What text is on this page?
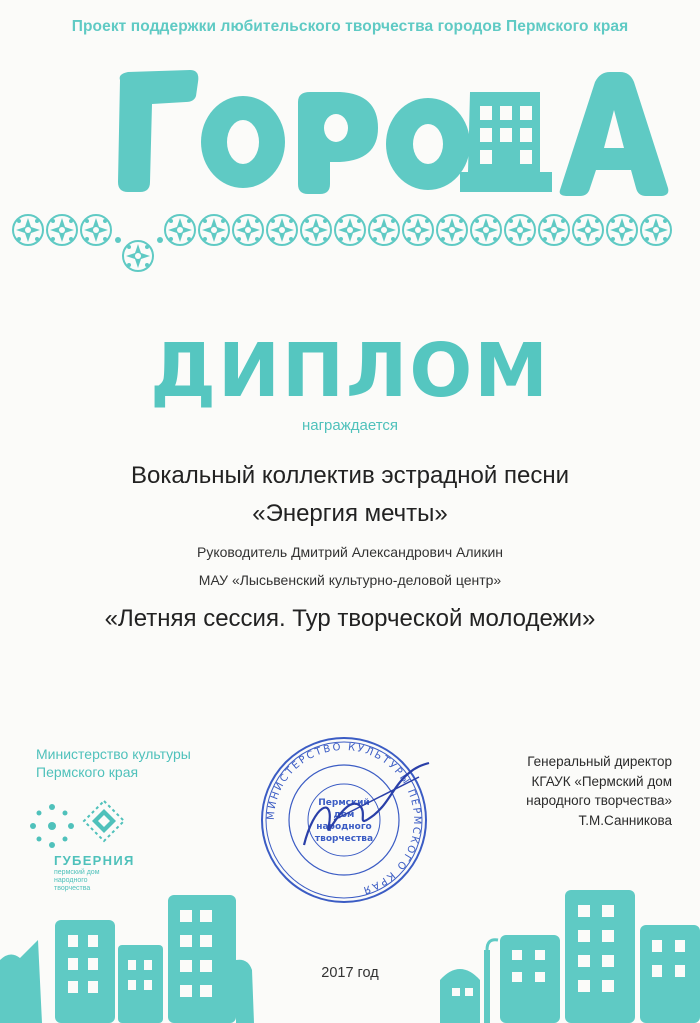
Проект поддержки любительского творчества городов Пермского края
ДИПЛОМ
награждается
Вокальный коллектив эстрадной песни
«Энергия мечты»
Руководитель Дмитрий Александрович Аликин
МАУ «Лысьвенский культурно-деловой центр»
«Летняя сессия. Тур творческой молодежи»
Министерство культуры
Пермского края
ГУБЕРНИЯ
пермский дом
народного
творчества
МИНИСТЕРСТВО КУЛЬТУРЫ ПЕРМСКОГО КРАЯ
Пермский
дом
народного
творчества
Генеральный директор
КГАУК «Пермский дом
народного творчества»
Т.М.Санникова
2017 год
